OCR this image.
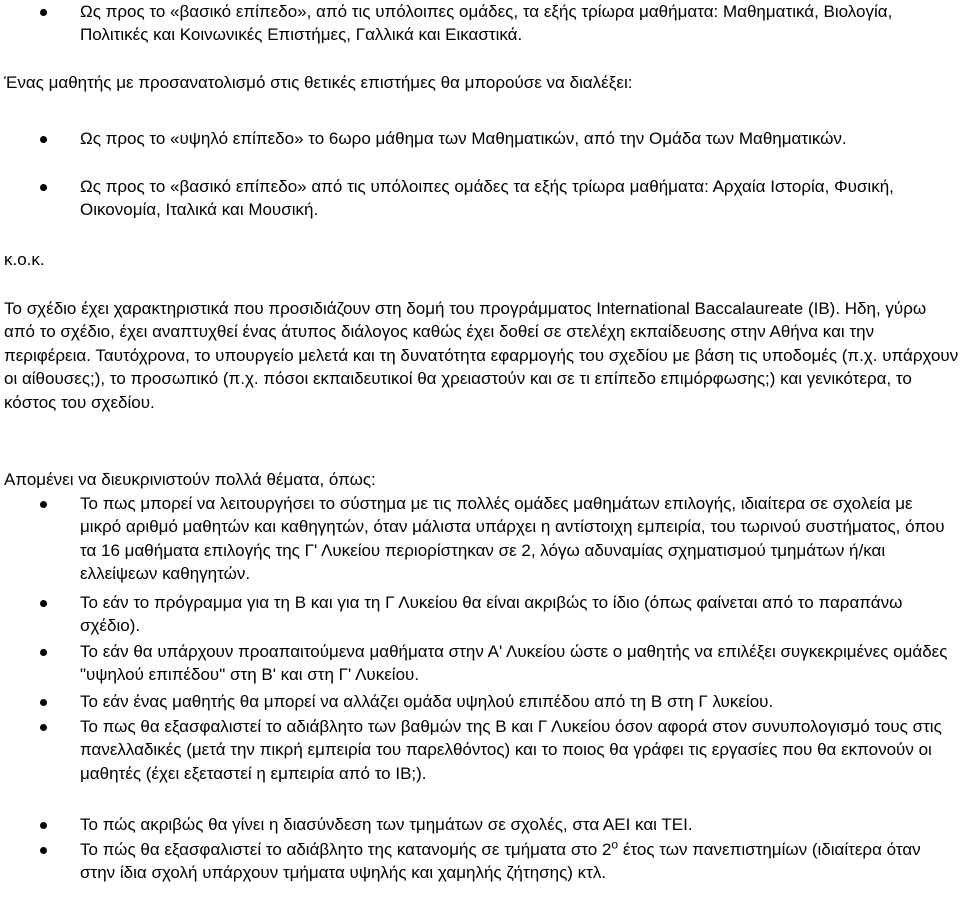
Ως προς το «βασικό επίπεδο», από τις υπόλοιπες ομάδες, τα εξής τρίωρα μαθήματα: Μαθηματικά, Βιολογία, Πολιτικές και Κοινωνικές Επιστήμες, Γαλλικά και Εικαστικά.
Ένας μαθητής με προσανατολισμό στις θετικές επιστήμες θα μπορούσε να διαλέξει:
Ως προς το «υψηλό επίπεδο» το 6ωρο μάθημα των Μαθηματικών, από την Ομάδα των Μαθηματικών.
Ως προς το «βασικό επίπεδο» από τις υπόλοιπες ομάδες τα εξής τρίωρα μαθήματα: Αρχαία Ιστορία, Φυσική, Οικονομία, Ιταλικά και Μουσική.
κ.ο.κ.
Το σχέδιο έχει χαρακτηριστικά που προσιδιάζουν στη δομή του προγράμματος International Baccalaureate (IB). Ηδη, γύρω από το σχέδιο, έχει αναπτυχθεί ένας άτυπος διάλογος καθώς έχει δοθεί σε στελέχη εκπαίδευσης στην Αθήνα και την περιφέρεια. Ταυτόχρονα, το υπουργείο μελετά και τη δυνατότητα εφαρμογής του σχεδίου με βάση τις υποδομές (π.χ. υπάρχουν οι αίθουσες;), το προσωπικό (π.χ. πόσοι εκπαιδευτικοί θα χρειαστούν και σε τι επίπεδο επιμόρφωσης;) και γενικότερα, το κόστος του σχεδίου.
Απομένει να διευκρινιστούν πολλά θέματα, όπως:
Το πως μπορεί να λειτουργήσει το σύστημα με τις πολλές ομάδες μαθημάτων επιλογής, ιδιαίτερα σε σχολεία με μικρό αριθμό μαθητών και καθηγητών, όταν μάλιστα υπάρχει η αντίστοιχη εμπειρία, του τωρινού συστήματος, όπου τα 16 μαθήματα επιλογής της Γ' Λυκείου περιορίστηκαν σε 2, λόγω αδυναμίας σχηματισμού τμημάτων ή/και ελλείψεων καθηγητών.
Το εάν το πρόγραμμα για τη Β και για τη Γ Λυκείου θα είναι ακριβώς το ίδιο (όπως φαίνεται από το παραπάνω σχέδιο).
Το εάν θα υπάρχουν προαπαιτούμενα μαθήματα στην Α' Λυκείου ώστε ο μαθητής να επιλέξει συγκεκριμένες ομάδες "υψηλού επιπέδου" στη Β' και στη Γ' Λυκείου.
Το εάν ένας μαθητής θα μπορεί να αλλάζει ομάδα υψηλού επιπέδου από τη Β στη Γ λυκείου.
Το πως θα εξασφαλιστεί το αδιάβλητο των βαθμών της Β και Γ Λυκείου όσον αφορά στον συνυπολογισμό τους στις πανελλαδικές (μετά την πικρή εμπειρία του παρελθόντος) και το ποιος θα γράφει τις εργασίες που θα εκπονούν οι μαθητές (έχει εξεταστεί η εμπειρία από το IB;).
Το πώς ακριβώς θα γίνει η διασύνδεση των τμημάτων σε σχολές, στα ΑΕΙ και ΤΕΙ.
Το πώς θα εξασφαλιστεί το αδιάβλητο της κατανομής σε τμήματα στο $2^o$ έτος των πανεπιστημίων (ιδιαίτερα όταν στην ίδια σχολή υπάρχουν τμήματα υψηλής και χαμηλής ζήτησης) κτλ.
